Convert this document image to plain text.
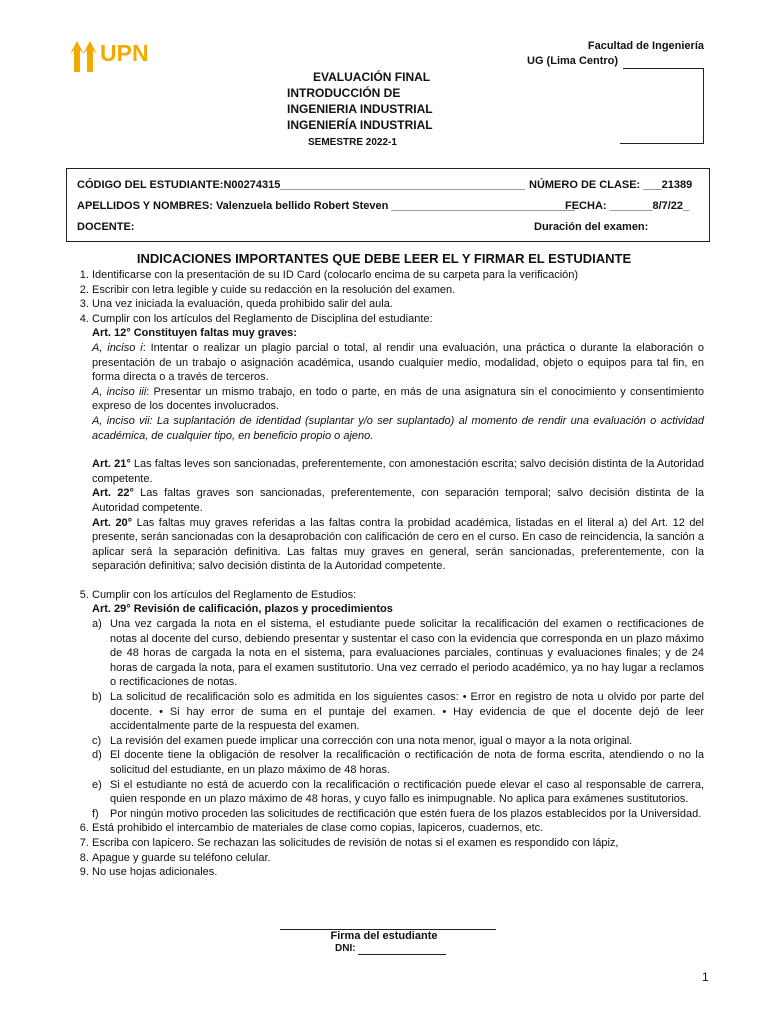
UPN	Facultad de Ingeniería
UG (Lima Centro)
EVALUACIÓN FINAL
INTRODUCCIÓN DE
INGENIERIA INDUSTRIAL
INGENIERÍA INDUSTRIAL
SEMESTRE 2022-1
CÓDIGO DEL ESTUDIANTE:N00274315________________________________________ NÚMERO DE CLASE: ___21389
APELLIDOS Y NOMBRES: Valenzuela bellido Robert Steven ______________________________
FECHA: _______8/7/22_
DOCENTE:	Duración del examen:
INDICACIONES IMPORTANTES QUE DEBE LEER EL Y FIRMAR EL ESTUDIANTE
1. Identificarse con la presentación de su ID Card (colocarlo encima de su carpeta para la verificación)
2. Escribir con letra legible y cuide su redacción en la resolución del examen.
3. Una vez iniciada la evaluación, queda prohibido salir del aula.
4. Cumplir con los artículos del Reglamento de Disciplina del estudiante:
Art. 12° Constituyen faltas muy graves:
A, inciso i: Intentar o realizar un plagio parcial o total, al rendir una evaluación, una práctica o durante la elaboración o presentación de un trabajo o asignación académica, usando cualquier medio, modalidad, objeto o equipos para tal fin, en forma directa o a través de terceros.
A, inciso iii: Presentar un mismo trabajo, en todo o parte, en más de una asignatura sin el conocimiento y consentimiento expreso de los docentes involucrados.
A, inciso vii: La suplantación de identidad (suplantar y/o ser suplantado) al momento de rendir una evaluación o actividad académica, de cualquier tipo, en beneficio propio o ajeno.
Art. 21° Las faltas leves son sancionadas, preferentemente, con amonestación escrita; salvo decisión distinta de la Autoridad competente.
Art. 22° Las faltas graves son sancionadas, preferentemente, con separación temporal; salvo decisión distinta de la Autoridad competente.
Art. 20° Las faltas muy graves referidas a las faltas contra la probidad académica, listadas en el literal a) del Art. 12 del presente, serán sancionadas con la desaprobación con calificación de cero en el curso. En caso de reincidencia, la sanción a aplicar será la separación definitiva. Las faltas muy graves en general, serán sancionadas, preferentemente, con la separación definitiva; salvo decisión distinta de la Autoridad competente.
5. Cumplir con los artículos del Reglamento de Estudios:
Art. 29° Revisión de calificación, plazos y procedimientos
a) Una vez cargada la nota en el sistema, el estudiante puede solicitar la recalificación del examen o rectificaciones de notas al docente del curso, debiendo presentar y sustentar el caso con la evidencia que corresponda en un plazo máximo de 48 horas de cargada la nota en el sistema, para evaluaciones parciales, continuas y evaluaciones finales; y de 24 horas de cargada la nota, para el examen sustitutorio. Una vez cerrado el periodo académico, ya no hay lugar a reclamos o rectificaciones de notas.
b) La solicitud de recalificación solo es admitida en los siguientes casos: • Error en registro de nota u olvido por parte del docente. • Si hay error de suma en el puntaje del examen. • Hay evidencia de que el docente dejó de leer accidentalmente parte de la respuesta del examen.
c) La revisión del examen puede implicar una corrección con una nota menor, igual o mayor a la nota original.
d) El docente tiene la obligación de resolver la recalificación o rectificación de nota de forma escrita, atendiendo o no la solicitud del estudiante, en un plazo máximo de 48 horas.
e) Si el estudiante no está de acuerdo con la recalificación o rectificación puede elevar el caso al responsable de carrera, quien responde en un plazo máximo de 48 horas, y cuyo fallo es inimpugnable. No aplica para exámenes sustitutorios.
f) Por ningún motivo proceden las solicitudes de rectificación que estén fuera de los plazos establecidos por la Universidad.
6. Está prohibido el intercambio de materiales de clase como copias, lapiceros, cuadernos, etc.
7. Escriba con lapicero. Se rechazan las solicitudes de revisión de notas si el examen es respondido con lápiz,
8. Apague y guarde su teléfono celular.
9. No use hojas adicionales.
Firma del estudiante
DNI:
1
